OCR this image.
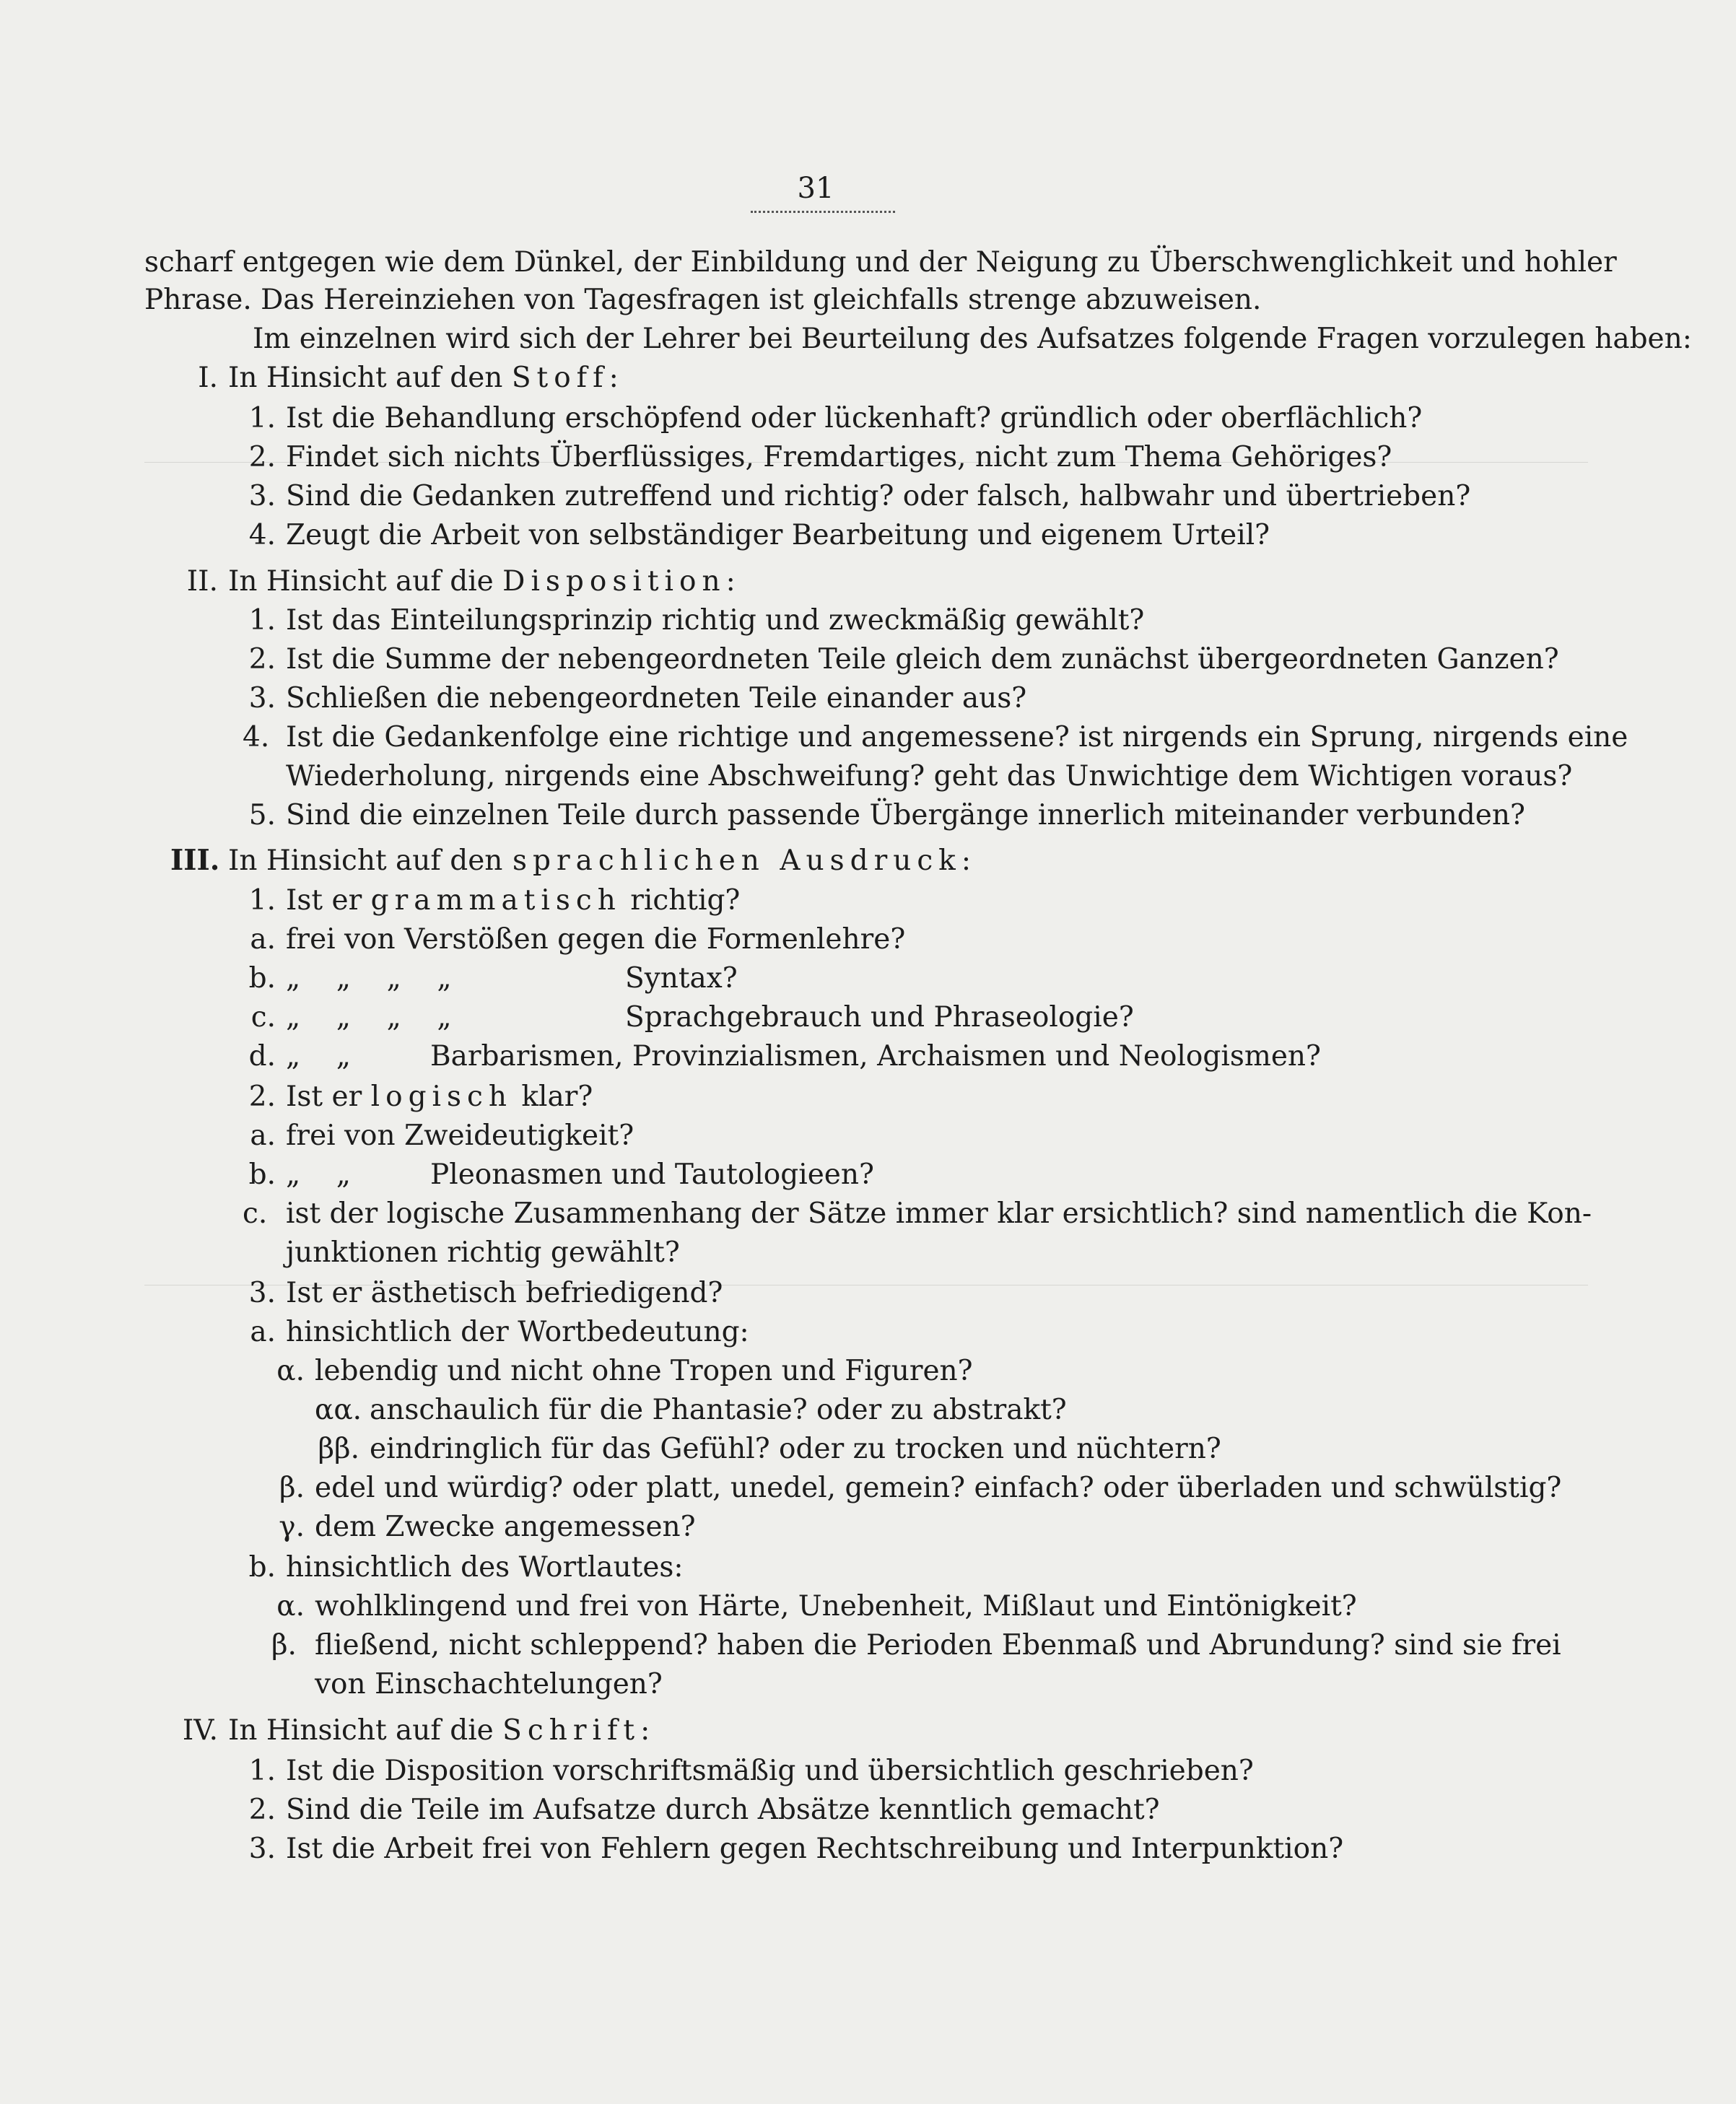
31
scharf entgegen wie dem Dünkel, der Einbildung und der Neigung zu Überschwenglichkeit und hohler
Phrase. Das Hereinziehen von Tagesfragen ist gleichfalls strenge abzuweisen.
Im einzelnen wird sich der Lehrer bei Beurteilung des Aufsatzes folgende Fragen vorzulegen haben:
I. In Hinsicht auf den Stoff:
1. Ist die Behandlung erschöpfend oder lückenhaft? gründlich oder oberflächlich?
2. Findet sich nichts Überflüssiges, Fremdartiges, nicht zum Thema Gehöriges?
3. Sind die Gedanken zutreffend und richtig? oder falsch, halbwahr und übertrieben?
4. Zeugt die Arbeit von selbständiger Bearbeitung und eigenem Urteil?
II. In Hinsicht auf die Disposition:
1. Ist das Einteilungsprinzip richtig und zweckmäßig gewählt?
2. Ist die Summe der nebengeordneten Teile gleich dem zunächst übergeordneten Ganzen?
3. Schließen die nebengeordneten Teile einander aus?
4. Ist die Gedankenfolge eine richtige und angemessene? ist nirgends ein Sprung, nirgends eine
Wiederholung, nirgends eine Abschweifung? geht das Unwichtige dem Wichtigen voraus?
5. Sind die einzelnen Teile durch passende Übergänge innerlich miteinander verbunden?
III. In Hinsicht auf den sprachlichen Ausdruck:
1. Ist er grammatisch richtig?
a. frei von Verstößen gegen die Formenlehre?
b. „    „    „    „	Syntax?
c. „    „    „    „	Sprachgebrauch und Phraseologie?
d. „    „	Barbarismen, Provinzialismen, Archaismen und Neologismen?
2. Ist er logisch klar?
a. frei von Zweideutigkeit?
b. „    „	Pleonasmen und Tautologieen?
c. ist der logische Zusammenhang der Sätze immer klar ersichtlich? sind namentlich die Kon-
junktionen richtig gewählt?
3. Ist er ästhetisch befriedigend?
a. hinsichtlich der Wortbedeutung:
α. lebendig und nicht ohne Tropen und Figuren?
αα. anschaulich für die Phantasie? oder zu abstrakt?
ββ. eindringlich für das Gefühl? oder zu trocken und nüchtern?
β. edel und würdig? oder platt, unedel, gemein? einfach? oder überladen und schwülstig?
γ. dem Zwecke angemessen?
b. hinsichtlich des Wortlautes:
α. wohlklingend und frei von Härte, Unebenheit, Mißlaut und Eintönigkeit?
β. fließend, nicht schleppend? haben die Perioden Ebenmaß und Abrundung? sind sie frei
von Einschachtelungen?
IV. In Hinsicht auf die Schrift:
1. Ist die Disposition vorschriftsmäßig und übersichtlich geschrieben?
2. Sind die Teile im Aufsatze durch Absätze kenntlich gemacht?
3. Ist die Arbeit frei von Fehlern gegen Rechtschreibung und Interpunktion?
